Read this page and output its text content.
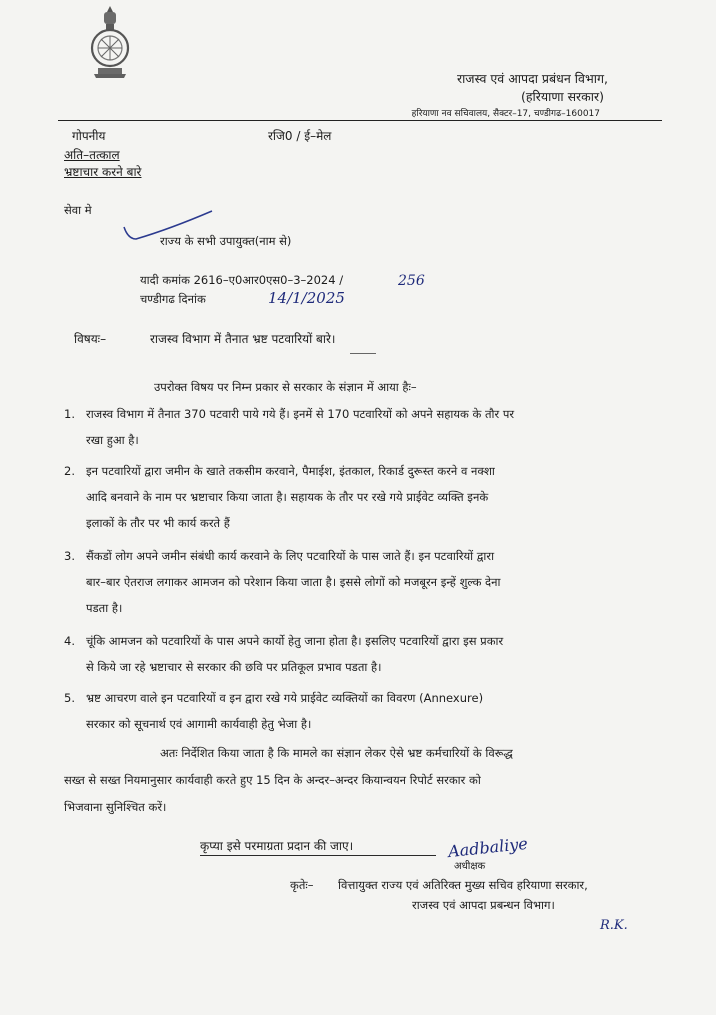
राजस्व एवं आपदा प्रबंधन विभाग,
(हरियाणा सरकार)
हरियाणा नव सचिवालय, सैक्टर–17, चण्डीगढ–160017
गोपनीय	रजि0 / ई–मेल
अति–तत्काल
भ्रष्टाचार करने बारे
सेवा मे
राज्य के सभी उपायुक्त(नाम से)
यादी कमांक 2616–ए0आर0एस0–3–2024 /	256
चण्डीगढ दिनांक	14/1/2025
विषयः–	राजस्व विभाग में तैनात भ्रष्ट पटवारियों बारे।
उपरोक्त विषय पर निम्न प्रकार से सरकार के संज्ञान में आया हैः–
1. राजस्व विभाग में तैनात 370 पटवारी पाये गये हैं। इनमें से 170 पटवारियों को अपने सहायक के तौर पर
रखा हुआ है।
2. इन पटवारियों द्वारा जमीन के खाते तकसीम करवाने, पैमाईश, इंतकाल, रिकार्ड दुरूस्त करने व नक्शा
आदि बनवाने के नाम पर भ्रष्टाचार किया जाता है। सहायक के तौर पर रखे गये प्राईवेट व्यक्ति इनके
इलाकों के तौर पर भी कार्य करते हैं
3. सैंकडों लोग अपने जमीन संबंधी कार्य करवाने के लिए पटवारियों के पास जाते हैं। इन पटवारियों द्वारा
बार–बार ऐतराज लगाकर आमजन को परेशान किया जाता है। इससे लोगों को मजबूरन इन्हें शुल्क देना
पडता है।
4. चूंकि आमजन को पटवारियों के पास अपने कार्यो हेतु जाना होता है। इसलिए पटवारियों द्वारा इस प्रकार
से किये जा रहे भ्रष्टाचार से सरकार की छवि पर प्रतिकूल प्रभाव पडता है।
5. भ्रष्ट आचरण वाले इन पटवारियों व इन द्वारा रखे गये प्राईवेट व्यक्तियों का विवरण (Annexure)
सरकार को सूचनार्थ एवं आगामी कार्यवाही हेतु भेजा है।
अतः निर्देशित किया जाता है कि मामले का संज्ञान लेकर ऐसे भ्रष्ट कर्मचारियों के विरूद्ध
सख्त से सख्त नियमानुसार कार्यवाही करते हुए 15 दिन के अन्दर–अन्दर कियान्वयन रिपोर्ट सरकार को
भिजवाना सुनिश्चित करें।
कृप्या इसे परमाग्रता प्रदान की जाए।	Aadbaliye
अधीक्षक
कृतेः– वित्तायुक्त राज्य एवं अतिरिक्त मुख्य सचिव हरियाणा सरकार,
राजस्व एवं आपदा प्रबन्धन विभाग।
R.K.
